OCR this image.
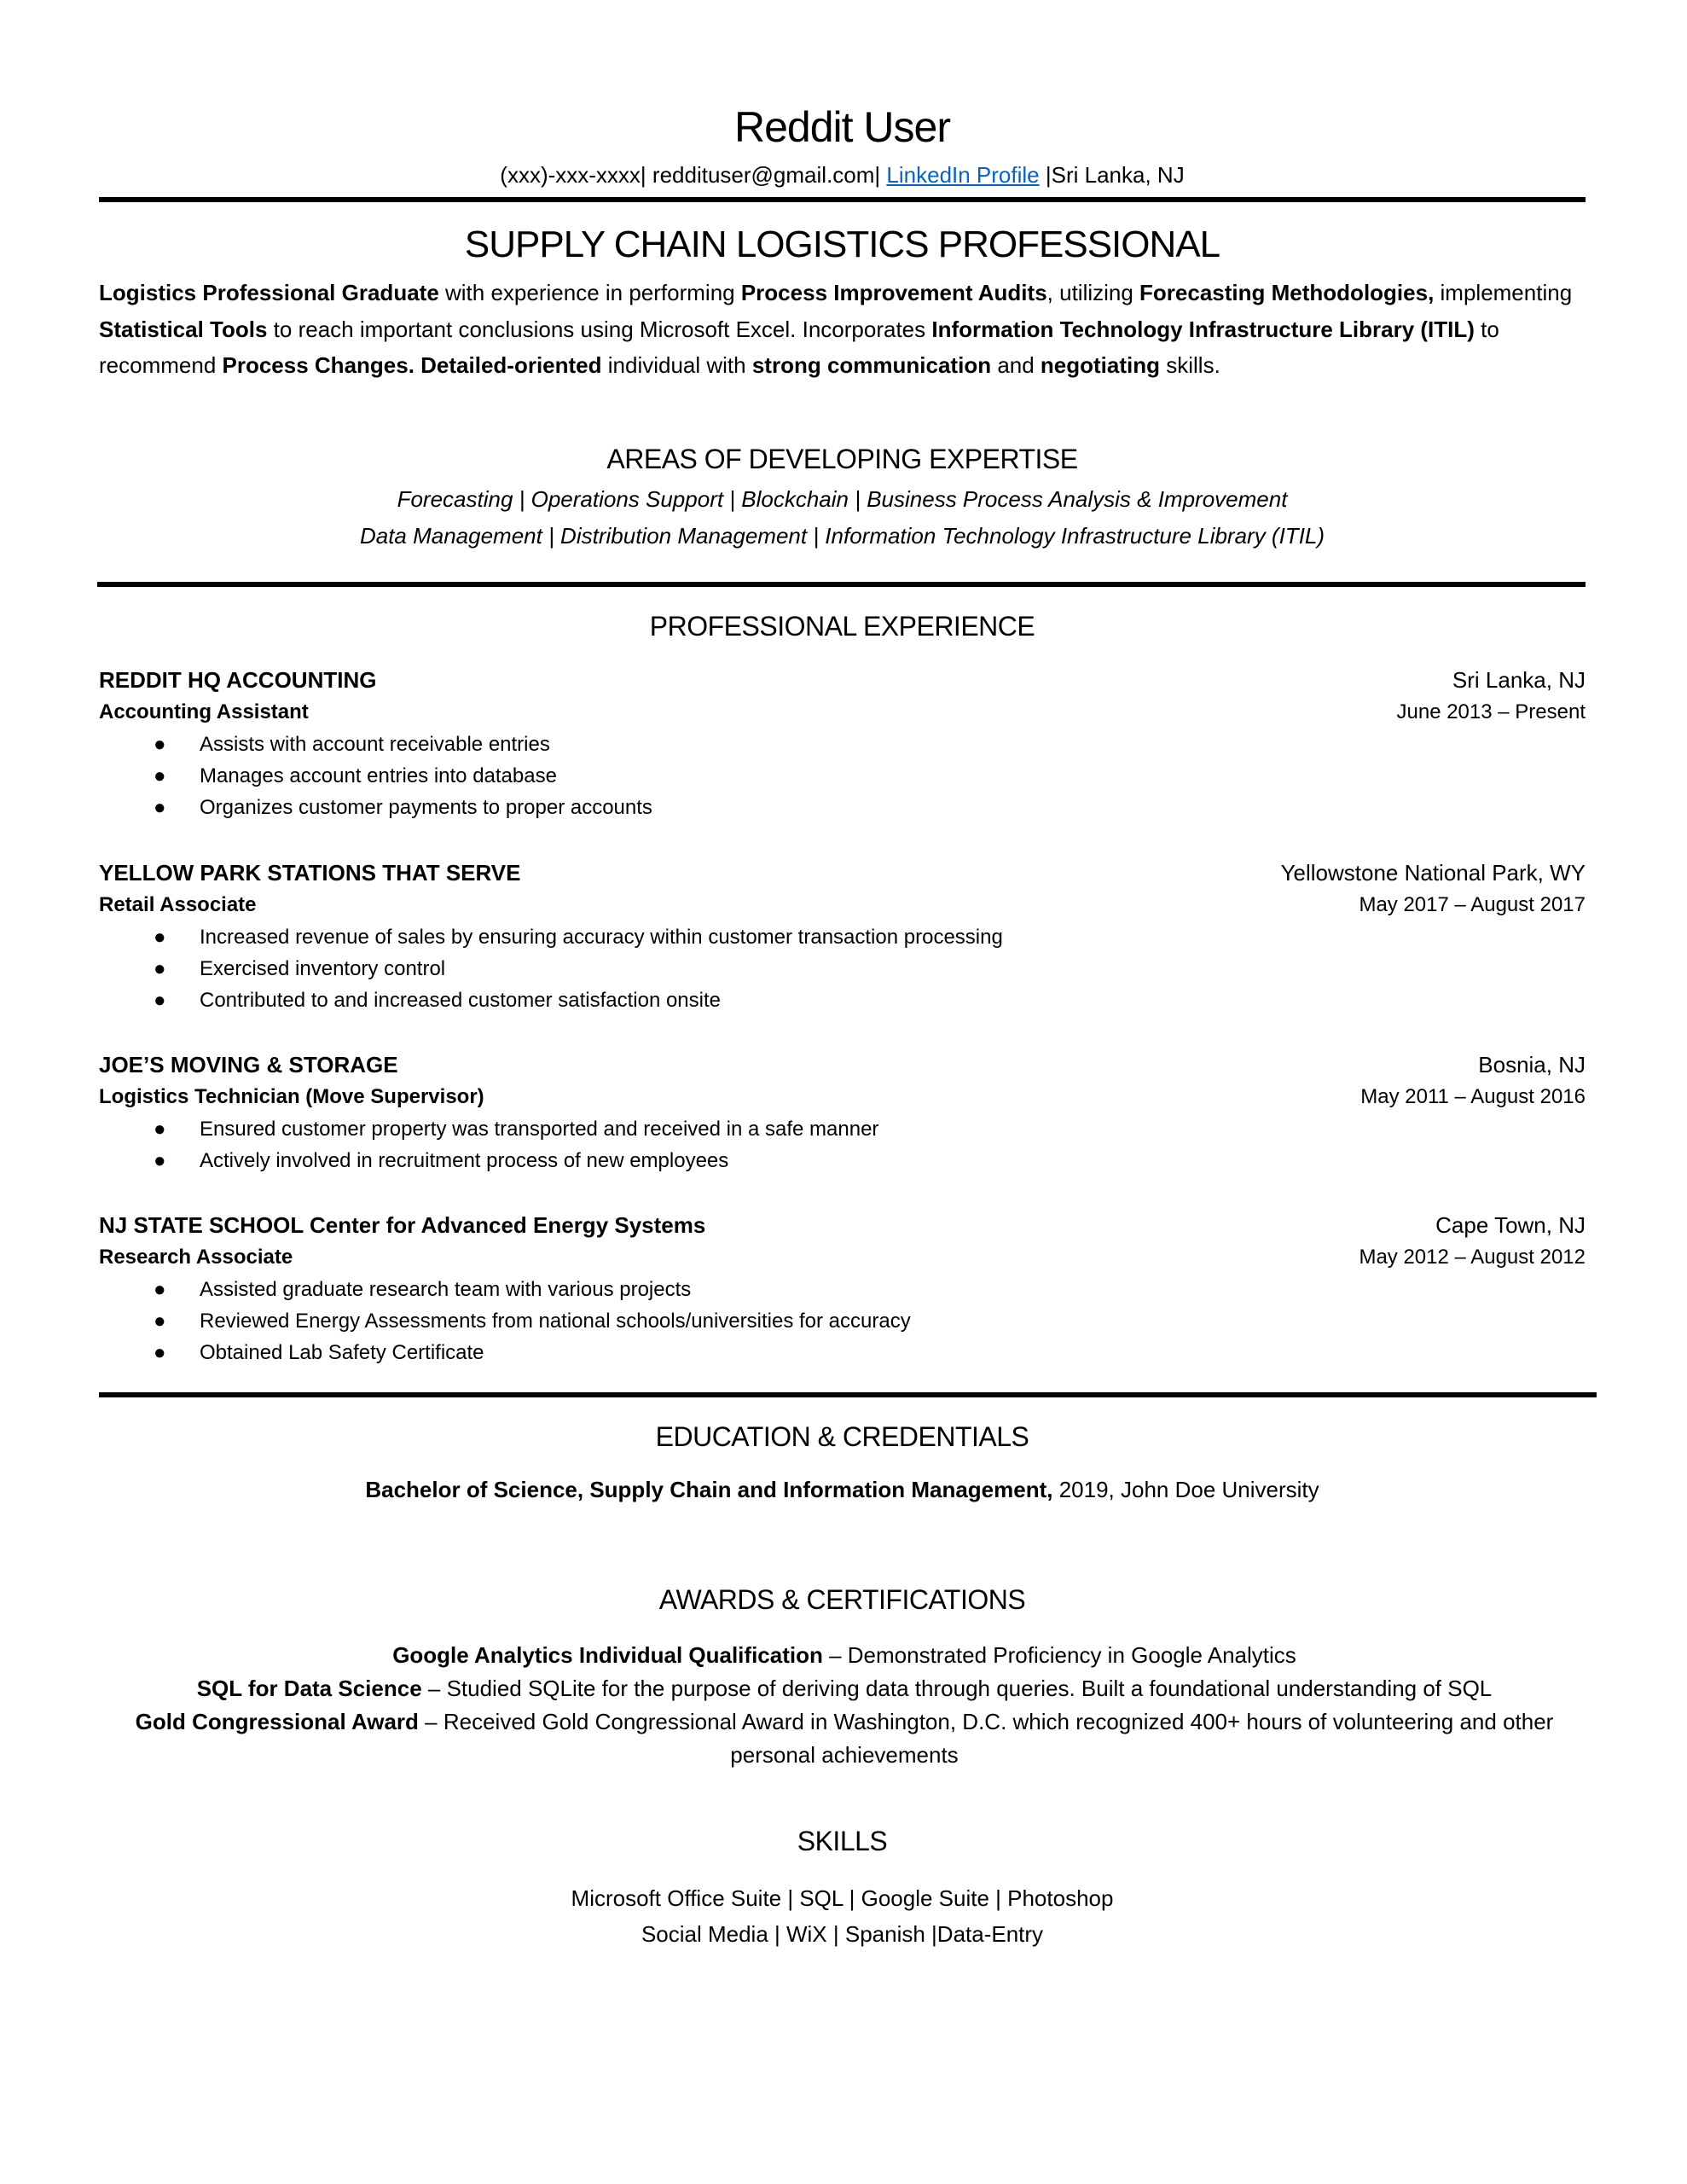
Reddit User
(xxx)-xxx-xxxx| reddituser@gmail.com| LinkedIn Profile |Sri Lanka, NJ
SUPPLY CHAIN LOGISTICS PROFESSIONAL
Logistics Professional Graduate with experience in performing Process Improvement Audits, utilizing Forecasting Methodologies, implementing Statistical Tools to reach important conclusions using Microsoft Excel. Incorporates Information Technology Infrastructure Library (ITIL) to recommend Process Changes. Detailed-oriented individual with strong communication and negotiating skills.
AREAS OF DEVELOPING EXPERTISE
Forecasting | Operations Support | Blockchain | Business Process Analysis & Improvement
Data Management | Distribution Management | Information Technology Infrastructure Library (ITIL)
PROFESSIONAL EXPERIENCE
REDDIT HQ ACCOUNTING	Sri Lanka, NJ
Accounting Assistant	June 2013 – Present
● Assists with account receivable entries
● Manages account entries into database
● Organizes customer payments to proper accounts
YELLOW PARK STATIONS THAT SERVE	Yellowstone National Park, WY
Retail Associate	May 2017 – August 2017
● Increased revenue of sales by ensuring accuracy within customer transaction processing
● Exercised inventory control
● Contributed to and increased customer satisfaction onsite
JOE’S MOVING & STORAGE	Bosnia, NJ
Logistics Technician (Move Supervisor)	May 2011 – August 2016
● Ensured customer property was transported and received in a safe manner
● Actively involved in recruitment process of new employees
NJ STATE SCHOOL Center for Advanced Energy Systems	Cape Town, NJ
Research Associate	May 2012 – August 2012
● Assisted graduate research team with various projects
● Reviewed Energy Assessments from national schools/universities for accuracy
● Obtained Lab Safety Certificate
EDUCATION & CREDENTIALS
Bachelor of Science, Supply Chain and Information Management, 2019, John Doe University
AWARDS & CERTIFICATIONS
Google Analytics Individual Qualification – Demonstrated Proficiency in Google Analytics
SQL for Data Science – Studied SQLite for the purpose of deriving data through queries. Built a foundational understanding of SQL
Gold Congressional Award – Received Gold Congressional Award in Washington, D.C. which recognized 400+ hours of volunteering and other personal achievements
SKILLS
Microsoft Office Suite | SQL | Google Suite | Photoshop
Social Media | WiX | Spanish |Data-Entry
